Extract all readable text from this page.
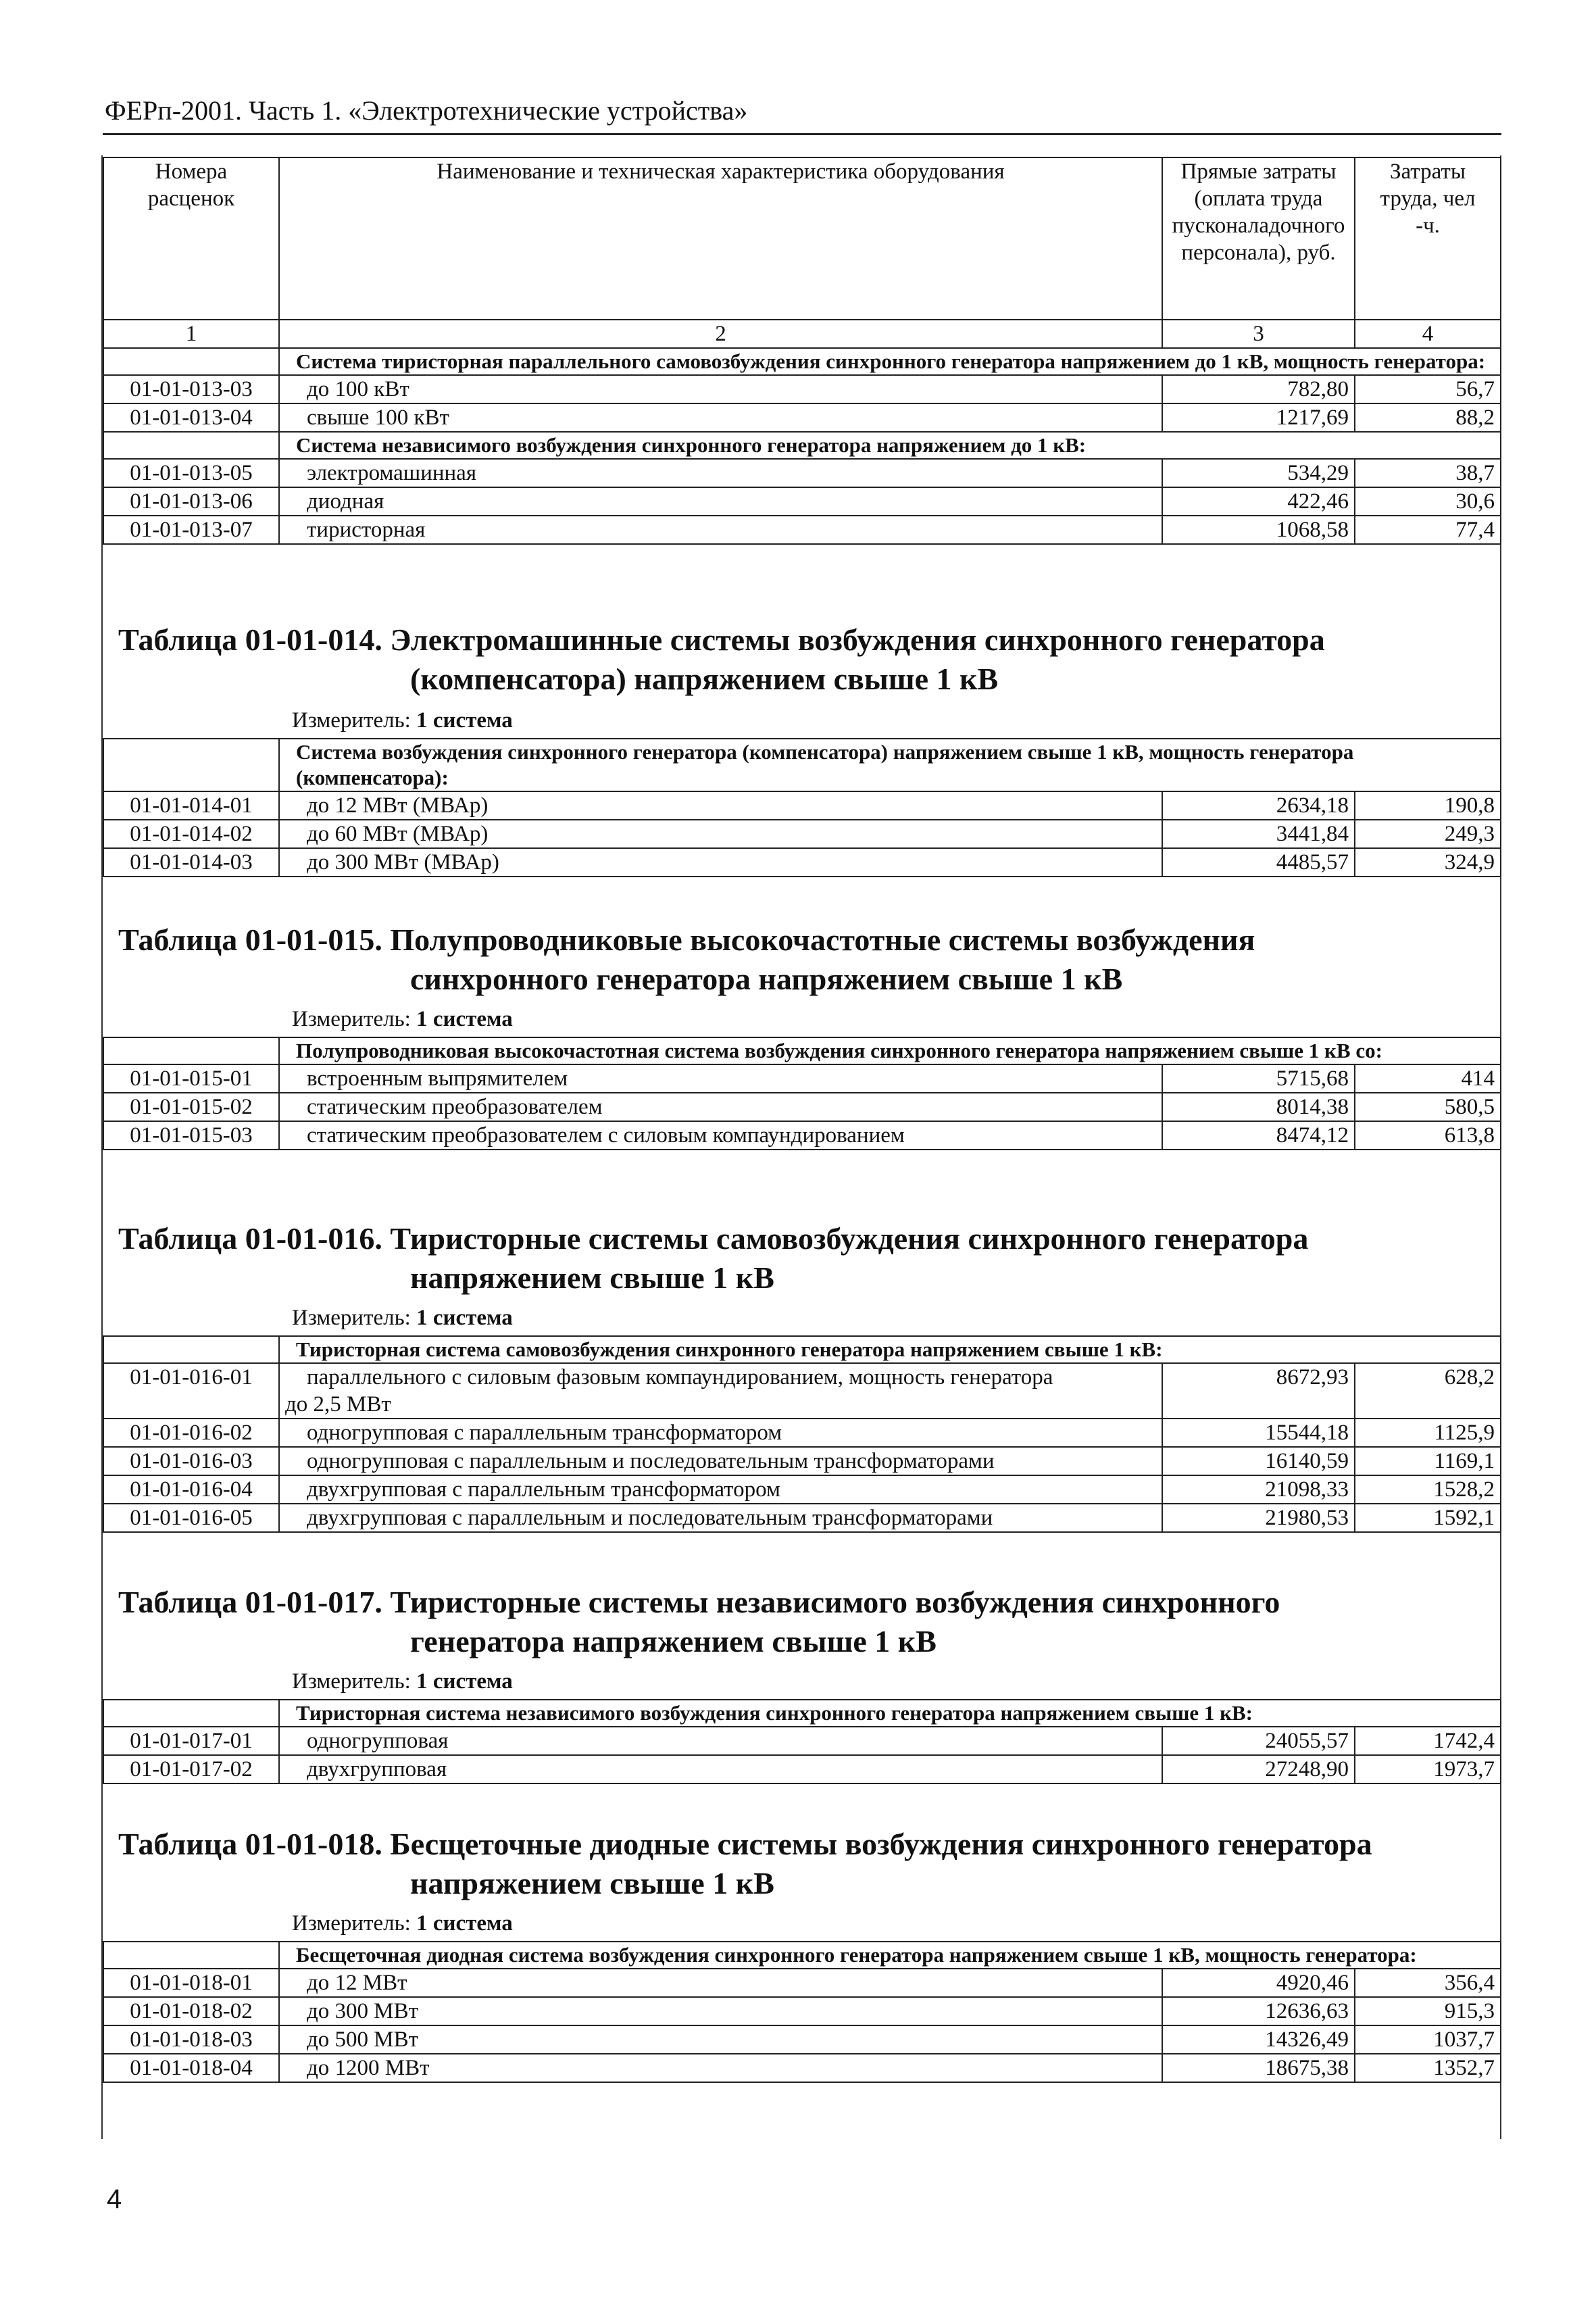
ФЕРп-2001. Часть 1. «Электротехнические устройства»
Номера расценок	Наименование и техническая характеристика оборудования	Прямые затраты (оплата труда пусконаладочного персонала), руб.	Затраты труда, чел -ч.
1	2	3	4
	Система тиристорная параллельного самовозбуждения синхронного генератора напряжением до 1 кВ, мощность генератора:		
01-01-013-03	до 100 кВт	782,80	56,7
01-01-013-04	свыше 100 кВт	1217,69	88,2
	Система независимого возбуждения синхронного генератора напряжением до 1 кВ:		
01-01-013-05	электромашинная	534,29	38,7
01-01-013-06	диодная	422,46	30,6
01-01-013-07	тиристорная	1068,58	77,4
Таблица 01-01-014. Электромашинные системы возбуждения синхронного генератора
(компенсатора) напряжением свыше 1 кВ
Измеритель: 1 система
	Система возбуждения синхронного генератора (компенсатора) напряжением свыше 1 кВ, мощность генератора (компенсатора):		
01-01-014-01	до 12 МВт (МВАр)	2634,18	190,8
01-01-014-02	до 60 МВт (МВАр)	3441,84	249,3
01-01-014-03	до 300 МВт (МВАр)	4485,57	324,9
Таблица 01-01-015. Полупроводниковые высокочастотные системы возбуждения
синхронного генератора напряжением свыше 1 кВ
Измеритель: 1 система
	Полупроводниковая высокочастотная система возбуждения синхронного генератора напряжением свыше 1 кВ со:		
01-01-015-01	встроенным выпрямителем	5715,68	414
01-01-015-02	статическим преобразователем	8014,38	580,5
01-01-015-03	статическим преобразователем с силовым компаундированием	8474,12	613,8
Таблица 01-01-016. Тиристорные системы самовозбуждения синхронного генератора
напряжением свыше 1 кВ
Измеритель: 1 система
	Тиристорная система самовозбуждения синхронного генератора напряжением свыше 1 кВ:		
01-01-016-01	параллельного с силовым фазовым компаундированием, мощность генератора
до 2,5 МВт	8672,93	628,2
01-01-016-02	одногрупповая с параллельным трансформатором	15544,18	1125,9
01-01-016-03	одногрупповая с параллельным и последовательным трансформаторами	16140,59	1169,1
01-01-016-04	двухгрупповая с параллельным трансформатором	21098,33	1528,2
01-01-016-05	двухгрупповая с параллельным и последовательным трансформаторами	21980,53	1592,1
Таблица 01-01-017. Тиристорные системы независимого возбуждения синхронного
генератора напряжением свыше 1 кВ
Измеритель: 1 система
	Тиристорная система независимого возбуждения синхронного генератора напряжением свыше 1 кВ:		
01-01-017-01	одногрупповая	24055,57	1742,4
01-01-017-02	двухгрупповая	27248,90	1973,7
Таблица 01-01-018. Бесщеточные диодные системы возбуждения синхронного генератора
напряжением свыше 1 кВ
Измеритель: 1 система
	Бесщеточная диодная система возбуждения синхронного генератора напряжением свыше 1 кВ, мощность генератора:		
01-01-018-01	до 12 МВт	4920,46	356,4
01-01-018-02	до 300 МВт	12636,63	915,3
01-01-018-03	до 500 МВт	14326,49	1037,7
01-01-018-04	до 1200 МВт	18675,38	1352,7
4
